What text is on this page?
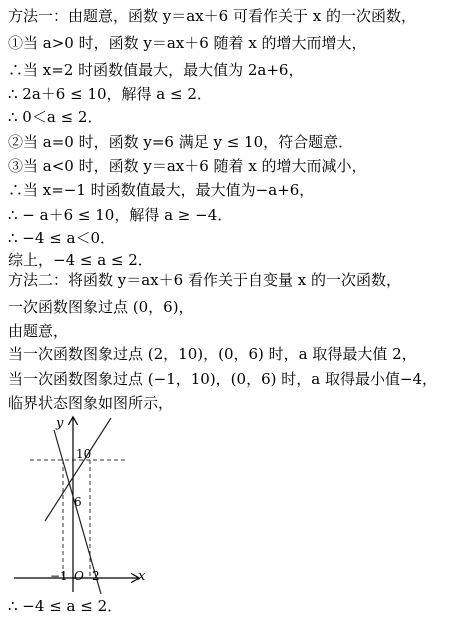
方法一：由题意，函数 y＝ax＋6 可看作关于 x 的一次函数，
①当 a>0 时，函数 y＝ax＋6 随着 x 的增大而增大，
∴当 x=2 时函数值最大，最大值为 2a+6，
∴ 2a＋6 ≤ 10，解得 a ≤ 2．
∴ 0＜a ≤ 2．
②当 a=0 时，函数 y=6 满足 y ≤ 10，符合题意．
③当 a<0 时，函数 y＝ax＋6 随着 x 的增大而减小，
∴当 x=−1 时函数值最大，最大值为−a+6，
∴ − a＋6 ≤ 10，解得 a ≥ −4．
∴ −4 ≤ a＜0．
综上，−4 ≤ a ≤ 2．
方法二：将函数 y＝ax＋6 看作关于自变量 x 的一次函数，
一次函数图象过点 (0，6)，
由题意，
当一次函数图象过点 (2，10)，(0，6) 时，a 取得最大值 2，
当一次函数图象过点 (−1，10)，(0，6) 时，a 取得最小值−4，
临界状态图象如图所示，
y
x
10
6
−1 O 2
∴ −4 ≤ a ≤ 2．
